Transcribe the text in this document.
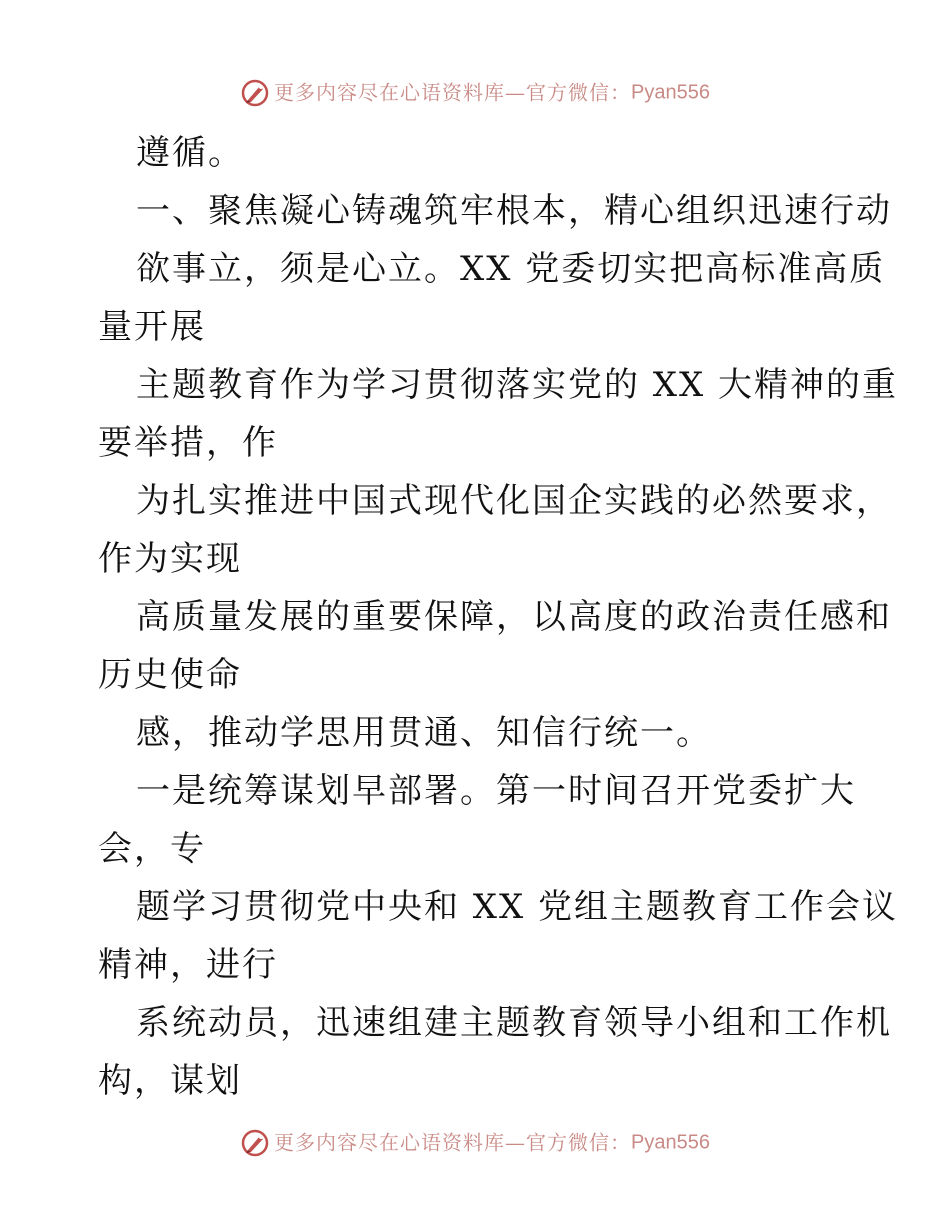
更多内容尽在心语资料库—官方微信：Pyan556
遵循。
一、聚焦凝心铸魂筑牢根本，精心组织迅速行动
欲事立，须是心立。XX 党委切实把高标准高质
量开展
主题教育作为学习贯彻落实党的 XX 大精神的重
要举措，作
为扎实推进中国式现代化国企实践的必然要求，
作为实现
高质量发展的重要保障，以高度的政治责任感和
历史使命
感，推动学思用贯通、知信行统一。
一是统筹谋划早部署。第一时间召开党委扩大
会，专
题学习贯彻党中央和 XX 党组主题教育工作会议
精神，进行
系统动员，迅速组建主题教育领导小组和工作机
构，谋划
更多内容尽在心语资料库—官方微信：Pyan556
